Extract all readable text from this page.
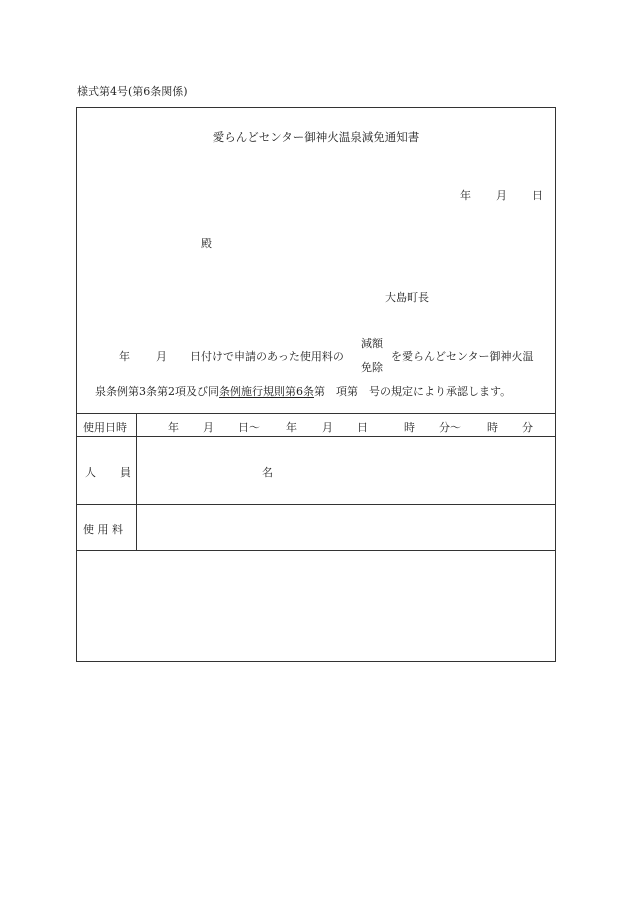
様式第4号(第6条関係)
愛らんどセンター御神火温泉減免通知書
年 月 日
殿
大島町長
年 月 日付けで申請のあった使用料の
減額
免除
を愛らんどセンター御神火温
泉条例第3条第2項及び同条例施行規則第6条第　項第　号の規定により承認します。
使用日時	年 月 日〜 年 月 日	時 分〜 時 分
人 員	名
使 用 料
